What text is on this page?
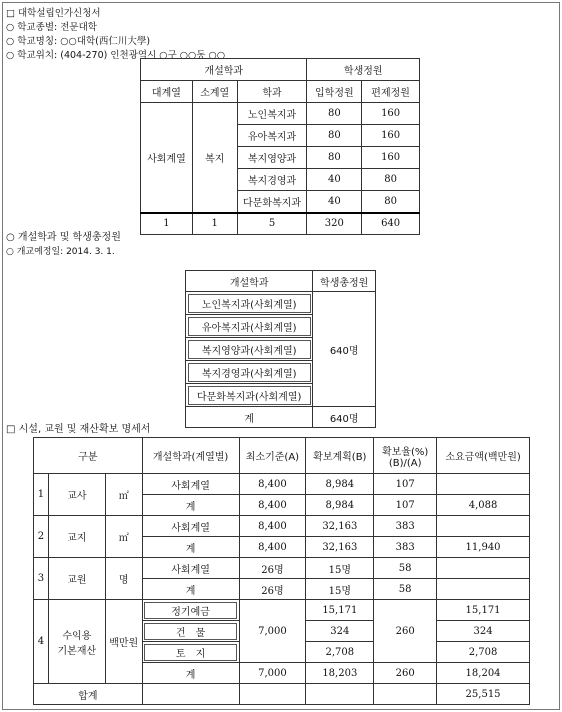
□ 대학설립인가신청서
○ 학교종별: 전문대학
○ 학교명칭: ○○대학(西仁川大學)
○ 학교위치: (404-270) 인천광역시 ○구 ○○동 ○○
개설학과			학생정원	
대계열	소계열	학과	입학정원	편제정원
사회계열	복지	노인복지과	80	160
		유아복지과	80	160
		복지영양과	80	160
		복지경영과	40	80
		다문화복지과	40	80
1	1	5	320	640
○ 개설학과 및 학생총정원
○ 개교예정일: 2014. 3. 1.
개설학과	학생총정원
노인복지과(사회계열)	640명
유아복지과(사회계열)	
복지영양과(사회계열)	
복지경영과(사회계열)	
다문화복지과(사회계열)	
계	640명
□ 시설, 교원 및 재산확보 명세서
구분			개설학과(계열별)	최소기준(A)	확보계획(B)	확보율(%)
(B)/(A)	소요금액(백만원)
1	교사	㎡	사회계열	8,400	8,984	107	
			계	8,400	8,984	107	4,088
2	교지	㎡	사회계열	8,400	32,163	383	
			계	8,400	32,163	383	11,940
3	교원	명	사회계열	26명	15명	58	
			계	26명	15명	58	
4	수익용
기본재산	백만원	정기예금	7,000	15,171	260	15,171
			건　물		324		324
			토　지		2,708		2,708
			계	7,000	18,203	260	18,204
합계							25,515
